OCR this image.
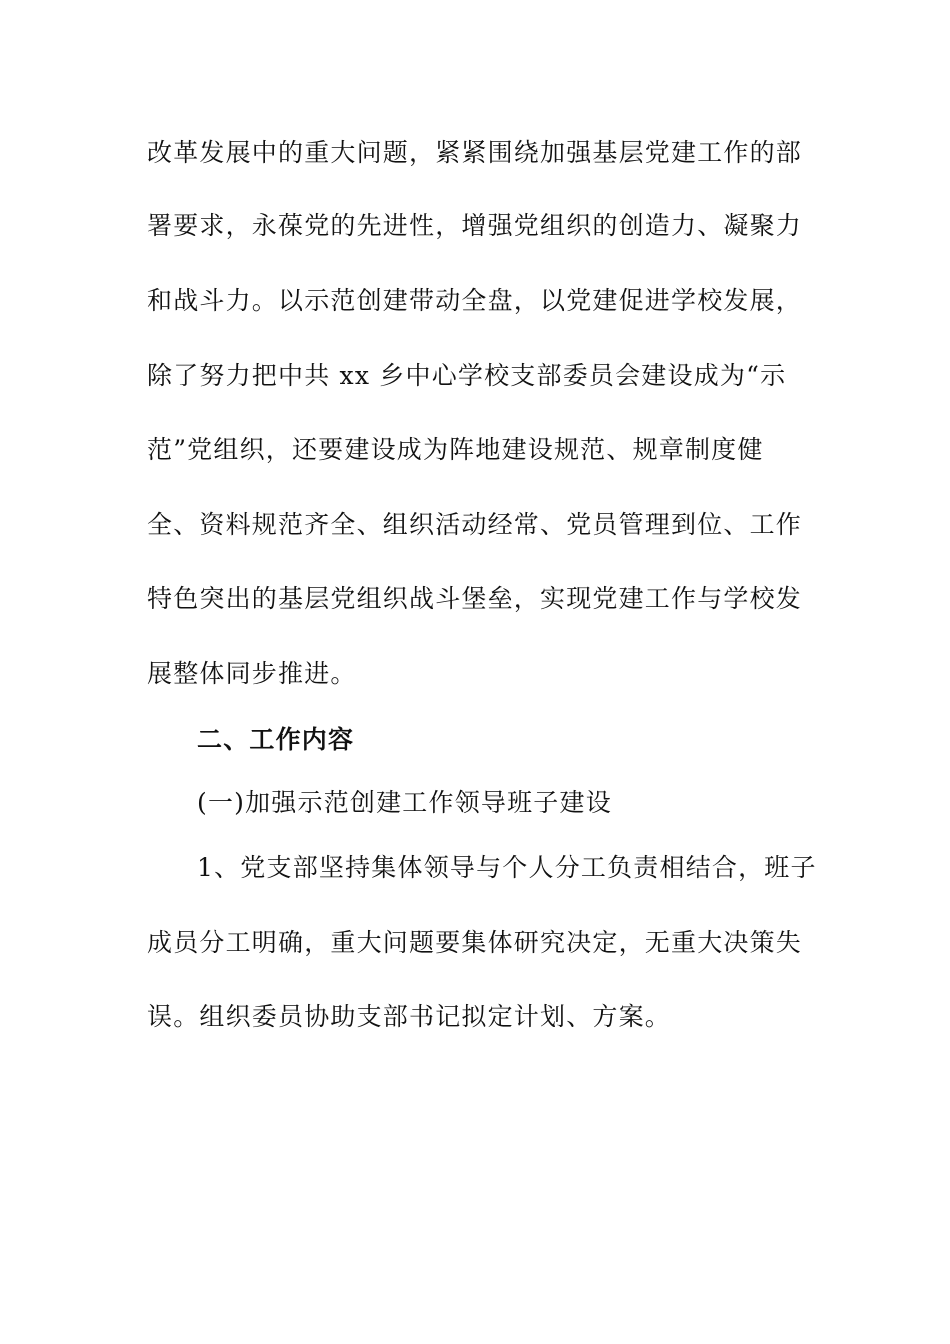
改革发展中的重大问题，紧紧围绕加强基层党建工作的部
署要求，永葆党的先进性，增强党组织的创造力、凝聚力
和战斗力。以示范创建带动全盘，以党建促进学校发展，
除了努力把中共 xx 乡中心学校支部委员会建设成为“示
范”党组织，还要建设成为阵地建设规范、规章制度健
全、资料规范齐全、组织活动经常、党员管理到位、工作
特色突出的基层党组织战斗堡垒，实现党建工作与学校发
展整体同步推进。
二、工作内容
(一)加强示范创建工作领导班子建设
1、党支部坚持集体领导与个人分工负责相结合，班子
成员分工明确，重大问题要集体研究决定，无重大决策失
误。组织委员协助支部书记拟定计划、方案。
